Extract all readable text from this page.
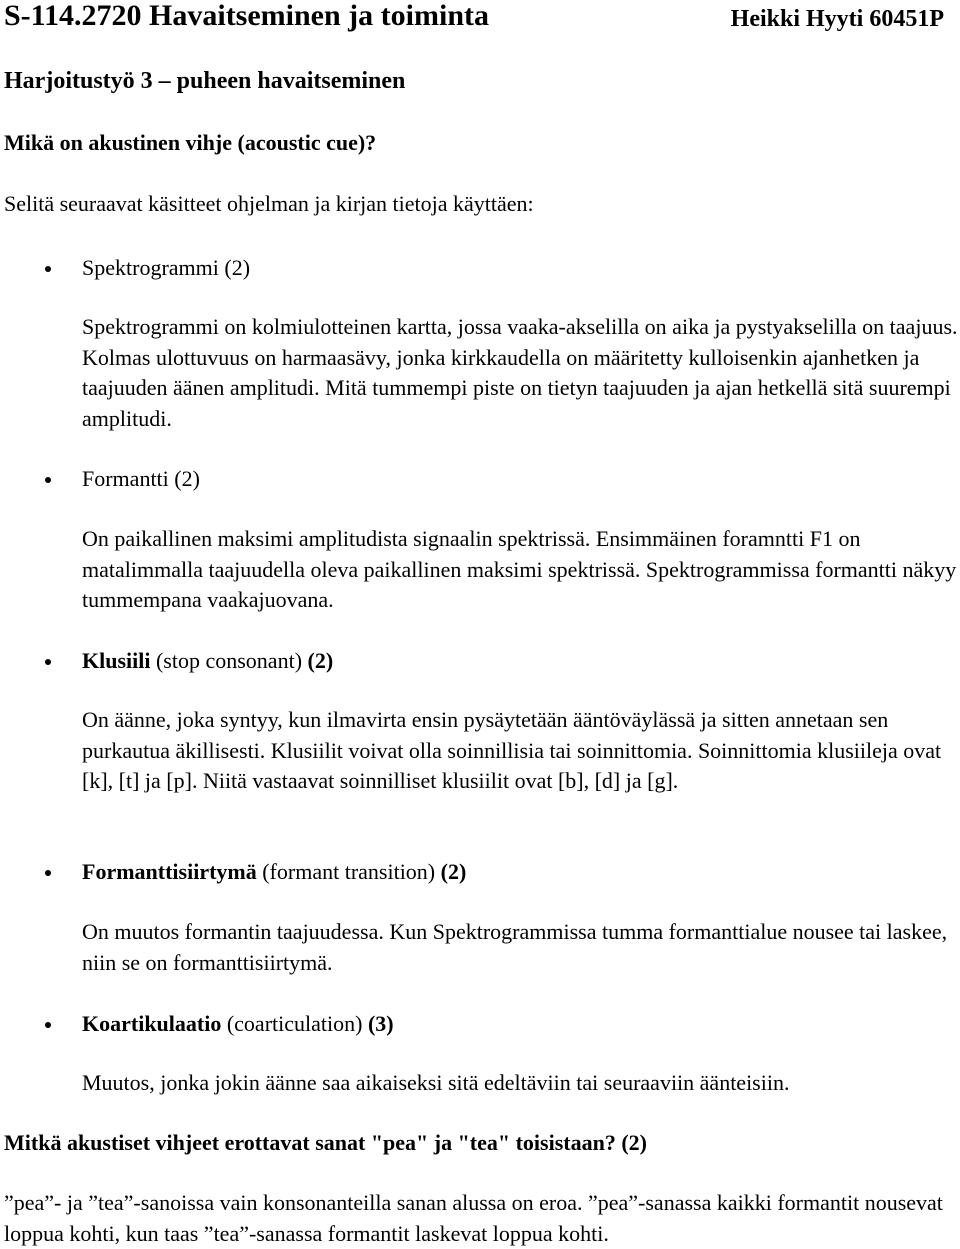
S-114.2720 Havaitseminen ja toiminta	Heikki Hyyti 60451P
Harjoitustyö 3 – puheen havaitseminen
Mikä on akustinen vihje (acoustic cue)?
Selitä seuraavat käsitteet ohjelman ja kirjan tietoja käyttäen:
Spektrogrammi (2)
Spektrogrammi on kolmiulotteinen kartta, jossa vaaka-akselilla on aika ja pystyakselilla on taajuus. Kolmas ulottuvuus on harmaasävy, jonka kirkkaudella on määritetty kulloisenkin ajanhetken ja taajuuden äänen amplitudi. Mitä tummempi piste on tietyn taajuuden ja ajan hetkellä sitä suurempi amplitudi.
Formantti (2)
On paikallinen maksimi amplitudista signaalin spektrissä. Ensimmäinen foramntti F1 on matalimmalla taajuudella oleva paikallinen maksimi spektrissä. Spektrogrammissa formantti näkyy tummempana vaakajuovana.
Klusiili (stop consonant) (2)
On äänne, joka syntyy, kun ilmavirta ensin pysäytetään ääntöväylässä ja sitten annetaan sen purkautua äkillisesti. Klusiilit voivat olla soinnillisia tai soinnittomia. Soinnittomia klusiileja ovat [k], [t] ja [p]. Niitä vastaavat soinnilliset klusiilit ovat [b], [d] ja [g].
Formanttisiirtymä (formant transition) (2)
On muutos formantin taajuudessa. Kun Spektrogrammissa tumma formanttialue nousee tai laskee, niin se on formanttisiirtymä.
Koartikulaatio (coarticulation) (3)
Muutos, jonka jokin äänne saa aikaiseksi sitä edeltäviin tai seuraaviin äänteisiin.
Mitkä akustiset vihjeet erottavat sanat "pea" ja "tea" toisistaan? (2)
”pea”- ja ”tea”-sanoissa vain konsonanteilla sanan alussa on eroa. ”pea”-sanassa kaikki formantit nousevat loppua kohti, kun taas ”tea”-sanassa formantit laskevat loppua kohti.
